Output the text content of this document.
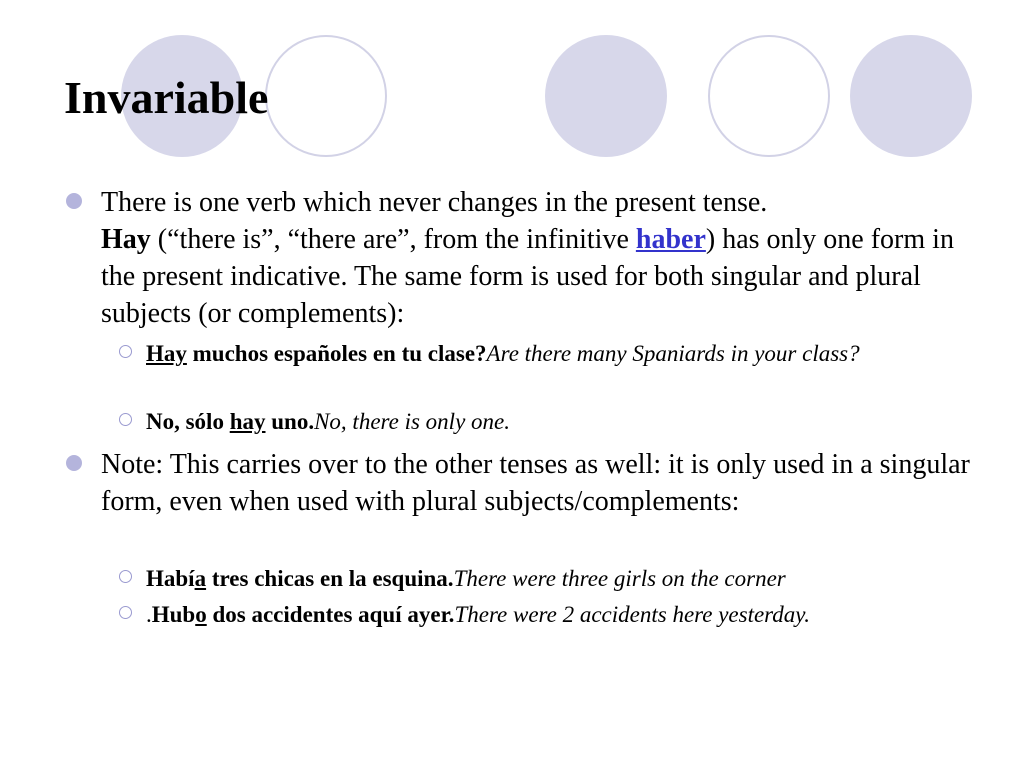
Invariable
There is one verb which never changes in the present tense.
Hay (“there is”, “there are”, from the infinitive haber) has only one form in the present indicative. The same form is used for both singular and plural subjects (or complements):
Hay muchos españoles en tu clase?Are there many Spaniards in your class?
No, sólo hay uno.No, there is only one.
Note: This carries over to the other tenses as well: it is only used in a singular form, even when used with plural subjects/complements:
Había tres chicas en la esquina.There were three girls on the corner
.Hubo dos accidentes aquí ayer.There were 2 accidents here yesterday.
